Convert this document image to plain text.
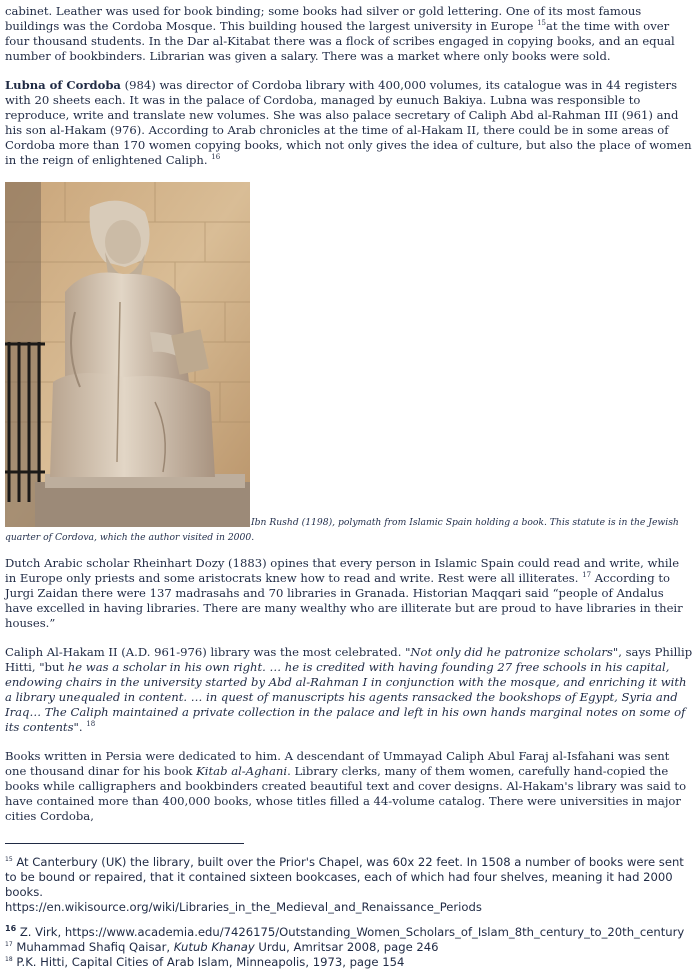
cabinet. Leather was used for book binding; some books had silver or gold lettering. One of its most famous buildings was the Cordoba Mosque. This building housed the largest university in Europe $^{15}$at the time with over four thousand students. In the Dar al-Kitabat there was a flock of scribes engaged in copying books, and an equal number of bookbinders. Librarian was given a salary. There was a market where only books were sold.

Lubna of Cordoba (984) was director of Cordoba library with 400,000 volumes, its catalogue was in 44 registers with 20 sheets each. It was in the palace of Cordoba, managed by eunuch Bakiya. Lubna was responsible to reproduce, write and translate new volumes. She was also palace secretary of Caliph Abd al-Rahman III (961) and his son al-Hakam (976). According to Arab chronicles at the time of al-Hakam II, there could be in some areas of Cordoba more than 170 women copying books, which not only gives the idea of culture, but also the place of women in the reign of enlightened Caliph. $^{16}$

Ibn Rushd (1198), polymath from Islamic Spain holding a book. This statute is in the Jewish quarter of Cordova, which the author visited in 2000.

Dutch Arabic scholar Rheinhart Dozy (1883) opines that every person in Islamic Spain could read and write, while in Europe only priests and some aristocrats knew how to read and write. Rest were all illiterates. $^{17}$ According to Jurgi Zaidan there were 137 madrasahs and 70 libraries in Granada. Historian Maqqari said “people of Andalus have excelled in having libraries. There are many wealthy who are illiterate but are proud to have libraries in their houses.”

Caliph Al-Hakam II (A.D. 961-976) library was the most celebrated. "Not only did he patronize scholars", says Phillip Hitti, "but he was a scholar in his own right. … he is credited with having founding 27 free schools in his capital, endowing chairs in the university started by Abd al-Rahman I in conjunction with the mosque, and enriching it with a library unequaled in content. … in quest of manuscripts his agents ransacked the bookshops of Egypt, Syria and Iraq… The Caliph maintained a private collection in the palace and left in his own hands marginal notes on some of its contents". $^{18}$

Books written in Persia were dedicated to him. A descendant of Ummayad Caliph Abul Faraj al-Isfahani was sent one thousand dinar for his book Kitab al-Aghani. Library clerks, many of them women, carefully hand-copied the books while calligraphers and bookbinders created beautiful text and cover designs. Al-Hakam's library was said to have contained more than 400,000 books, whose titles filled a 44-volume catalog. There were universities in major cities Cordoba,

$^{15}$ At Canterbury (UK) the library, built over the Prior's Chapel, was 60x 22 feet. In 1508 a number of books were sent to be bound or repaired, that it contained sixteen bookcases, each of which had four shelves, meaning it had 2000 books.
https://en.wikisource.org/wiki/Libraries_in_the_Medieval_and_Renaissance_Periods

$^{16}$ Z. Virk, https://www.academia.edu/7426175/Outstanding_Women_Scholars_of_Islam_8th_century_to_20th_century

$^{17}$ Muhammad Shafiq Qaisar, Kutub Khanay Urdu, Amritsar 2008, page 246

$^{18}$ P.K. Hitti, Capital Cities of Arab Islam, Minneapolis, 1973, page 154
